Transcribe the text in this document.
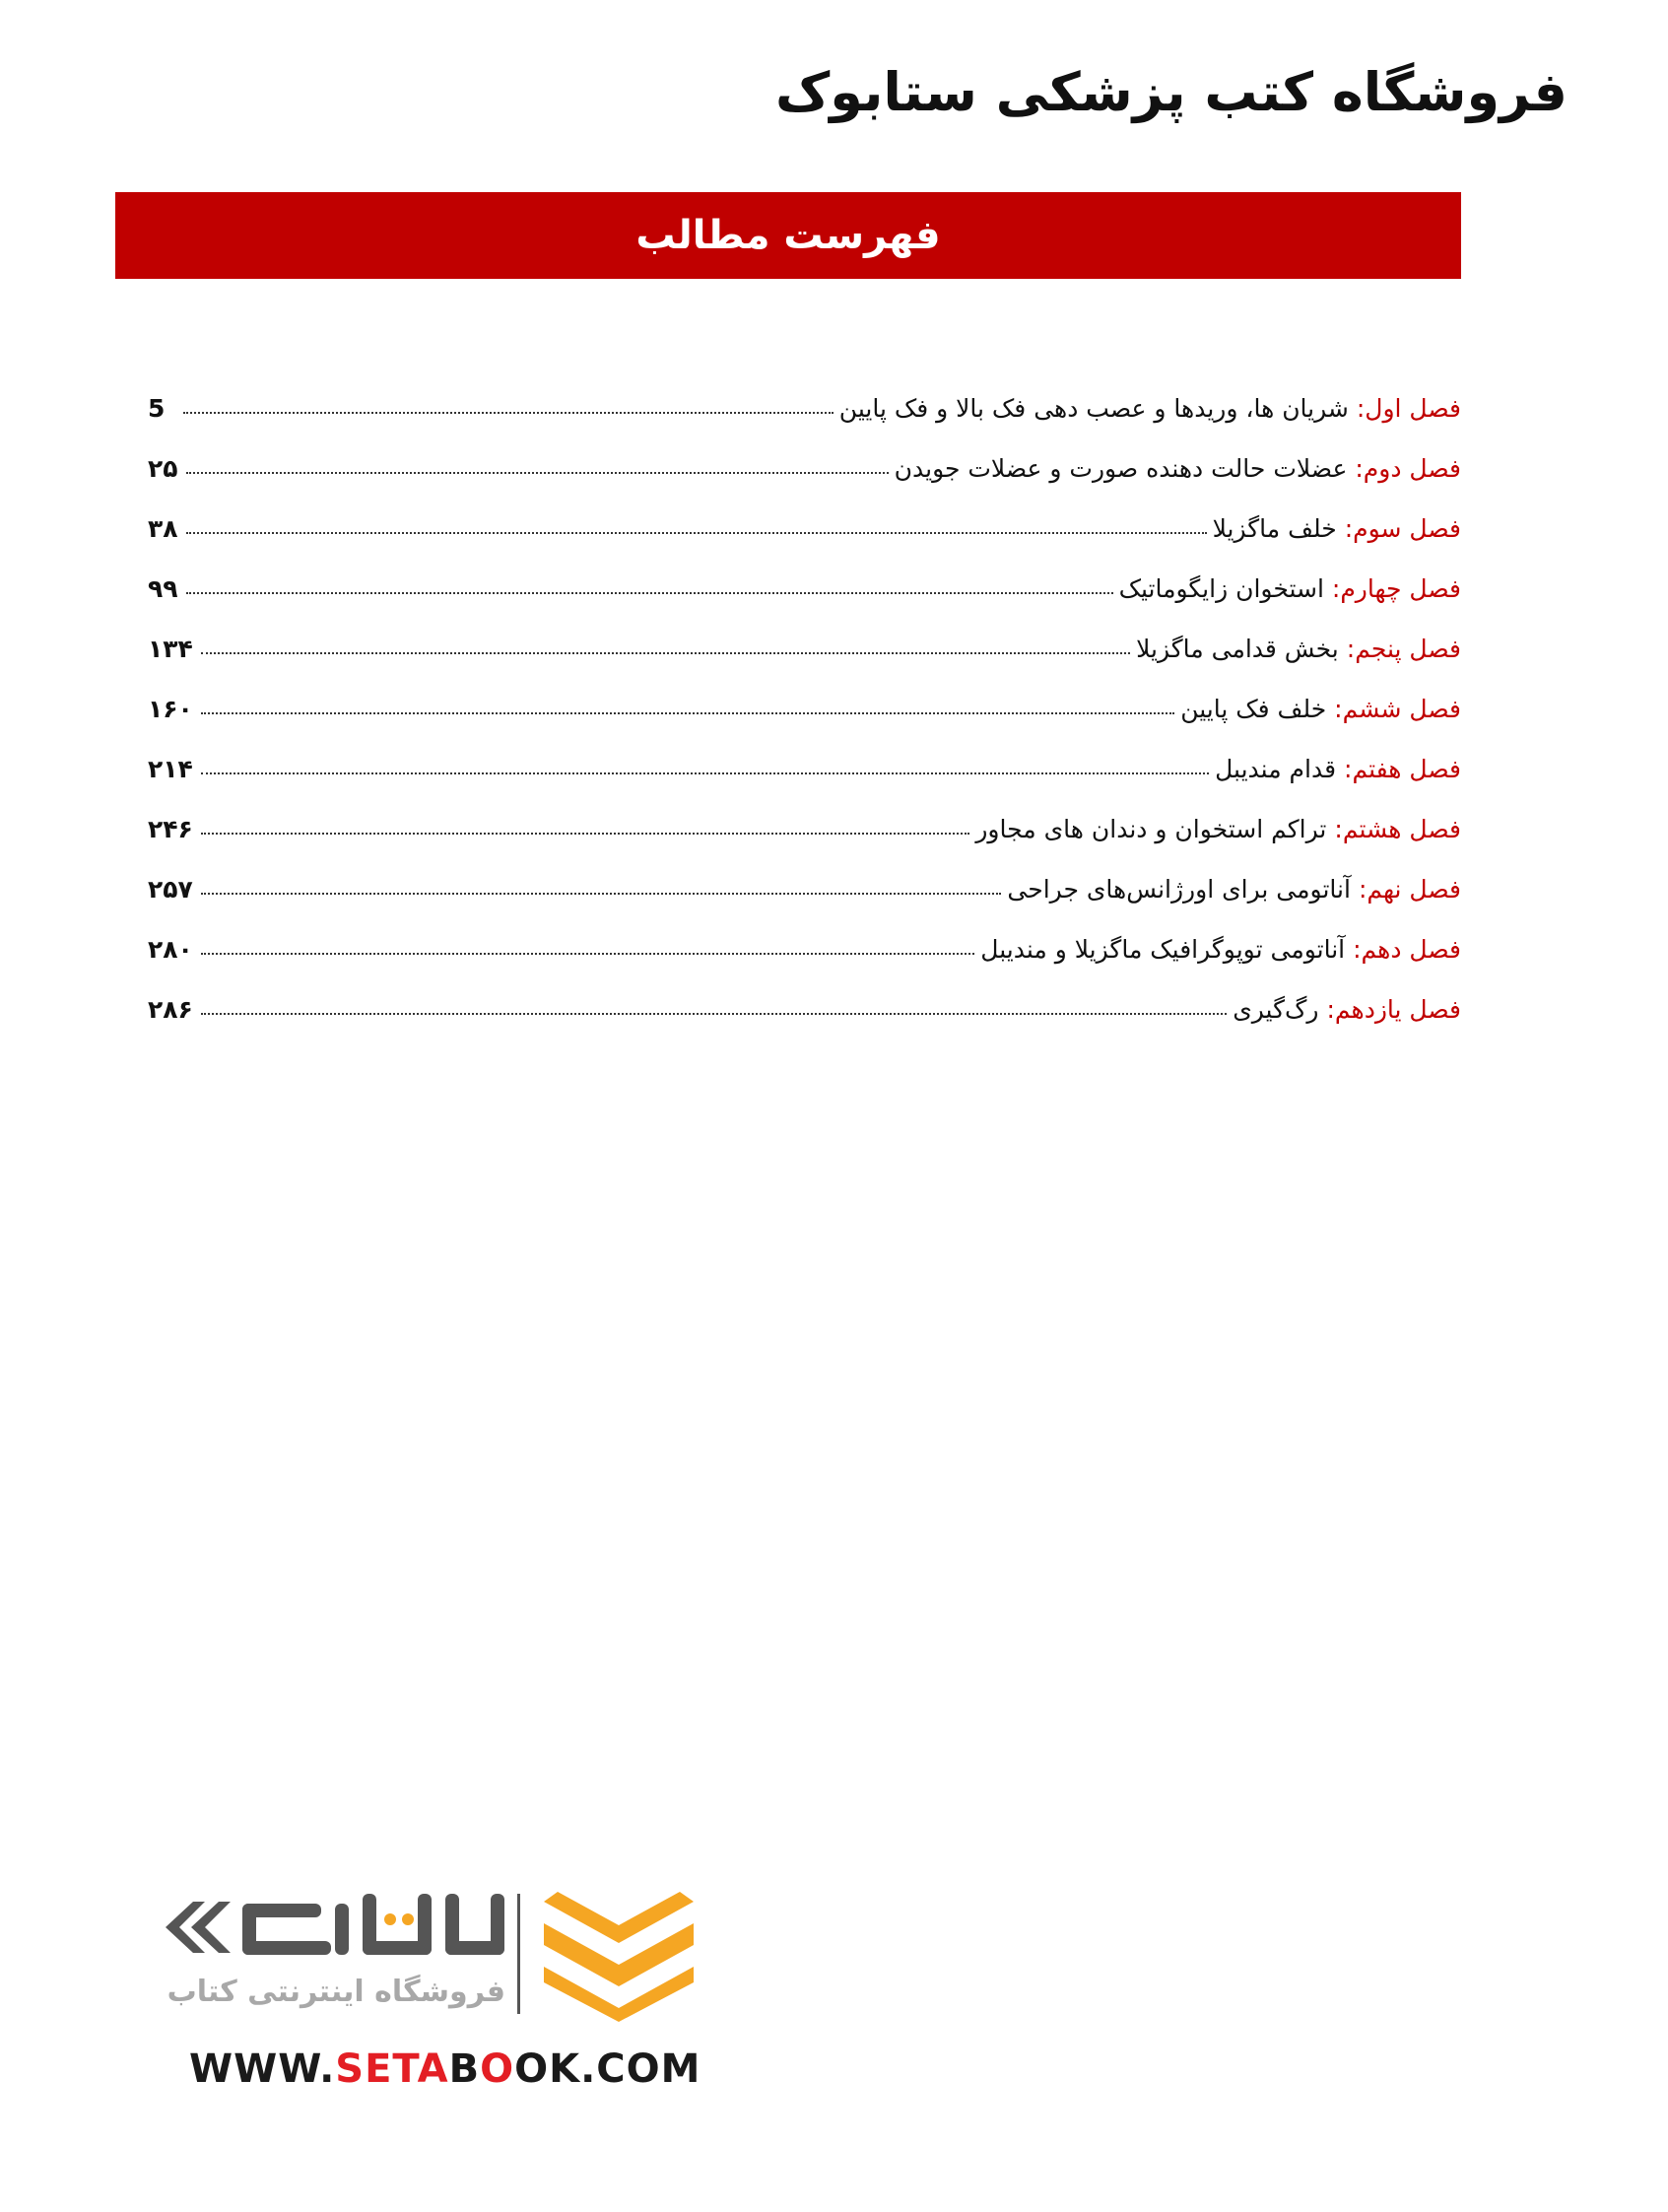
فروشگاه کتب پزشکی ستابوک
فهرست مطالب
فصل اول:
شریان ها، وریدها و عصب دهی فک بالا و فک پایین
5
فصل دوم:
عضلات حالت دهنده صورت و عضلات جویدن
۲۵
فصل سوم:
خلف ماگزیلا
۳۸
فصل چهارم:
استخوان زایگوماتیک
۹۹
فصل پنجم:
بخش قدامی ماگزیلا
۱۳۴
فصل ششم:
خلف فک پایین
۱۶۰
فصل هفتم:
قدام مندیبل
۲۱۴
فصل هشتم:
تراکم استخوان و دندان های مجاور
۲۴۶
فصل نهم:
آناتومی برای اورژانس‌های جراحی
۲۵۷
فصل دهم:
آناتومی توپوگرافیک ماگزیلا و مندیبل
۲۸۰
فصل یازدهم:
رگ‌گیری
۲۸۶
فروشگاه اینترنتی کتاب
WWW.SETABOOK.COM
